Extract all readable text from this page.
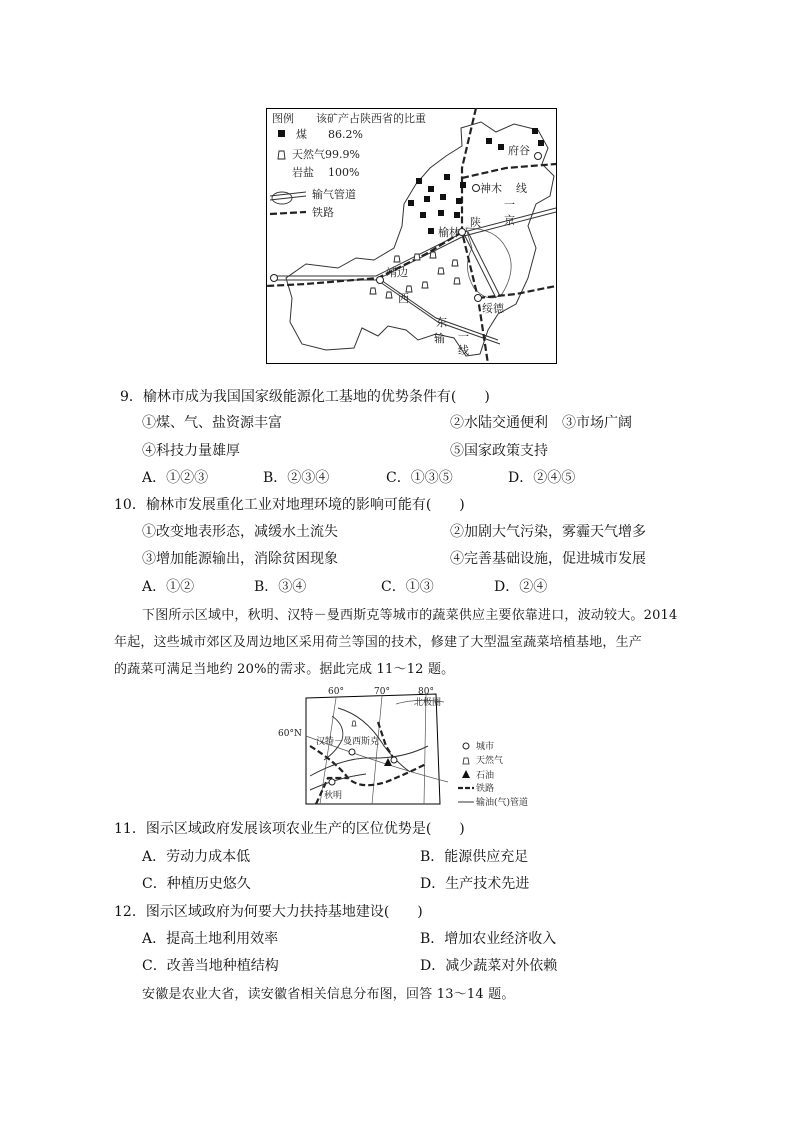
图例 该矿产占陕西省的比重
煤 86.2%
天然气99.9%
岩盐 100%
输气管道
铁路
府谷
神木 线
一
京
陕
榆林
靖边
西
东
输
绥德
一
线
9．榆林市成为我国国家级能源化工基地的优势条件有(　　)
①煤、气、盐资源丰富	②水陆交通便利　③市场广阔
④科技力量雄厚	⑤国家政策支持
A．①②③	B．②③④	C．①③⑤	D．②④⑤
10．榆林市发展重化工业对地理环境的影响可能有(　　)
①改变地表形态，减缓水土流失	②加剧大气污染，雾霾天气增多
③增加能源输出，消除贫困现象	④完善基础设施，促进城市发展
A．①②	B．③④	C．①③	D．②④
下图所示区域中，秋明、汉特－曼西斯克等城市的蔬菜供应主要依靠进口，波动较大。2014
年起，这些城市郊区及周边地区采用荷兰等国的技术，修建了大型温室蔬菜培植基地，生产
的蔬菜可满足当地约 20%的需求。据此完成 11～12 题。
北极圈
60°	70°	80°
60°N
汉特－曼西斯克
秋明
城市
天然气
石油
铁路
输油(气)管道
11．图示区域政府发展该项农业生产的区位优势是(　　)
A．劳动力成本低	B．能源供应充足
C．种植历史悠久	D．生产技术先进
12．图示区域政府为何要大力扶持基地建设(　　)
A．提高土地利用效率	B．增加农业经济收入
C．改善当地种植结构	D．减少蔬菜对外依赖
安徽是农业大省，读安徽省相关信息分布图，回答 13～14 题。
